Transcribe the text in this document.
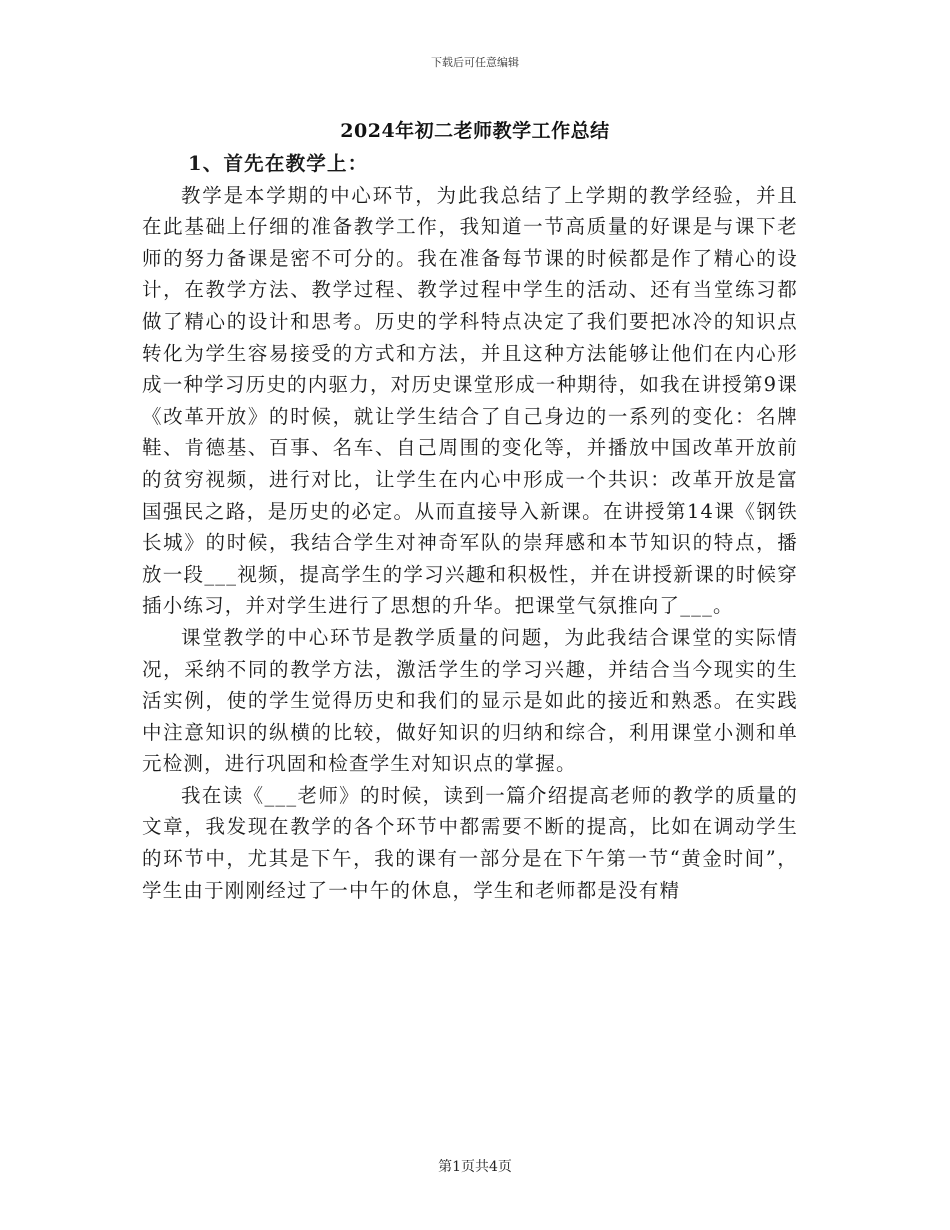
下载后可任意编辑
2024年初二老师教学工作总结

1、首先在教学上：

教学是本学期的中心环节，为此我总结了上学期的教学经验，并且在此基础上仔细的准备教学工作，我知道一节高质量的好课是与课下老师的努力备课是密不可分的。我在准备每节课的时候都是作了精心的设计，在教学方法、教学过程、教学过程中学生的活动、还有当堂练习都做了精心的设计和思考。历史的学科特点决定了我们要把冰冷的知识点转化为学生容易接受的方式和方法，并且这种方法能够让他们在内心形成一种学习历史的内驱力，对历史课堂形成一种期待，如我在讲授第9课《改革开放》的时候，就让学生结合了自己身边的一系列的变化：名牌鞋、肯德基、百事、名车、自己周围的变化等，并播放中国改革开放前的贫穷视频，进行对比，让学生在内心中形成一个共识：改革开放是富国强民之路，是历史的必定。从而直接导入新课。在讲授第14课《钢铁长城》的时候，我结合学生对神奇军队的崇拜感和本节知识的特点，播放一段___视频，提高学生的学习兴趣和积极性，并在讲授新课的时候穿插小练习，并对学生进行了思想的升华。把课堂气氛推向了___。

课堂教学的中心环节是教学质量的问题，为此我结合课堂的实际情况，采纳不同的教学方法，激活学生的学习兴趣，并结合当今现实的生活实例，使的学生觉得历史和我们的显示是如此的接近和熟悉。在实践中注意知识的纵横的比较，做好知识的归纳和综合，利用课堂小测和单元检测，进行巩固和检查学生对知识点的掌握。

我在读《___老师》的时候，读到一篇介绍提高老师的教学的质量的文章，我发现在教学的各个环节中都需要不断的提高，比如在调动学生的环节中，尤其是下午，我的课有一部分是在下午第一节“黄金时间”，学生由于刚刚经过了一中午的休息，学生和老师都是没有精

第1页共4页
